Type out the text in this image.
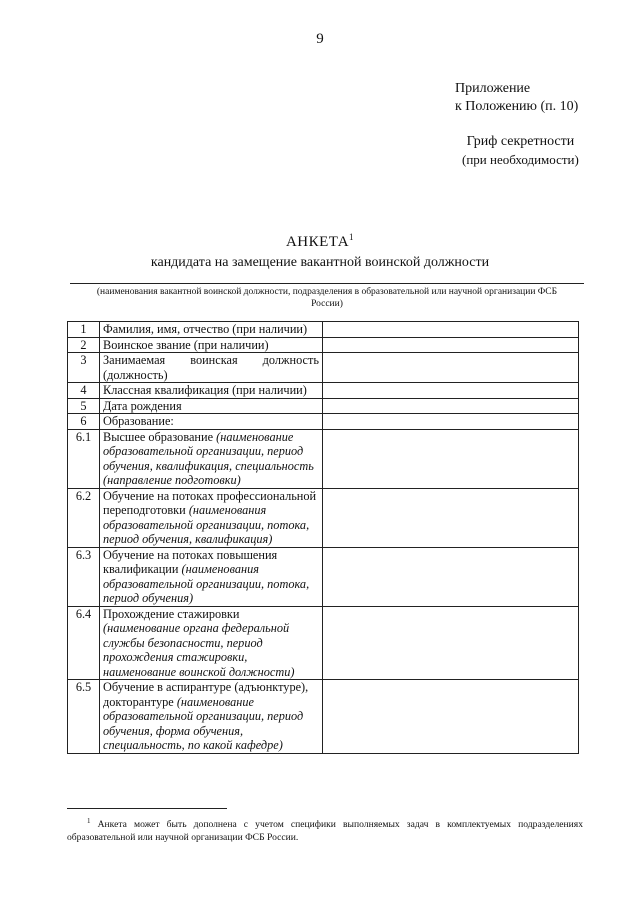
9
Приложение
к Положению (п. 10)
Гриф секретности
(при необходимости)
АНКЕТА$^1$
кандидата на замещение вакантной воинской должности
(наименования вакантной воинской должности, подразделения в образовательной или научной организации ФСБ России)
1	Фамилия, имя, отчество (при наличии)	
2	Воинское звание (при наличии)	
3	Занимаемая воинская должность (должность)	
4	Классная квалификация (при наличии)	
5	Дата рождения	
6	Образование:	
6.1	Высшее образование (наименование образовательной организации, период обучения, квалификация, специальность (направление подготовки)	
6.2	Обучение на потоках профессиональной переподготовки (наименования образовательной организации, потока, период обучения, квалификация)	
6.3	Обучение на потоках повышения квалификации (наименования образовательной организации, потока, период обучения)	
6.4	Прохождение стажировки (наименование органа федеральной службы безопасности, период прохождения стажировки, наименование воинской должности)	
6.5	Обучение в аспирантуре (адъюнктуре), докторантуре (наименование образовательной организации, период обучения, форма обучения, специальность, по какой кафедре)	
$^1$ Анкета может быть дополнена с учетом специфики выполняемых задач в комплектуемых подразделениях образовательной или научной организации ФСБ России.
